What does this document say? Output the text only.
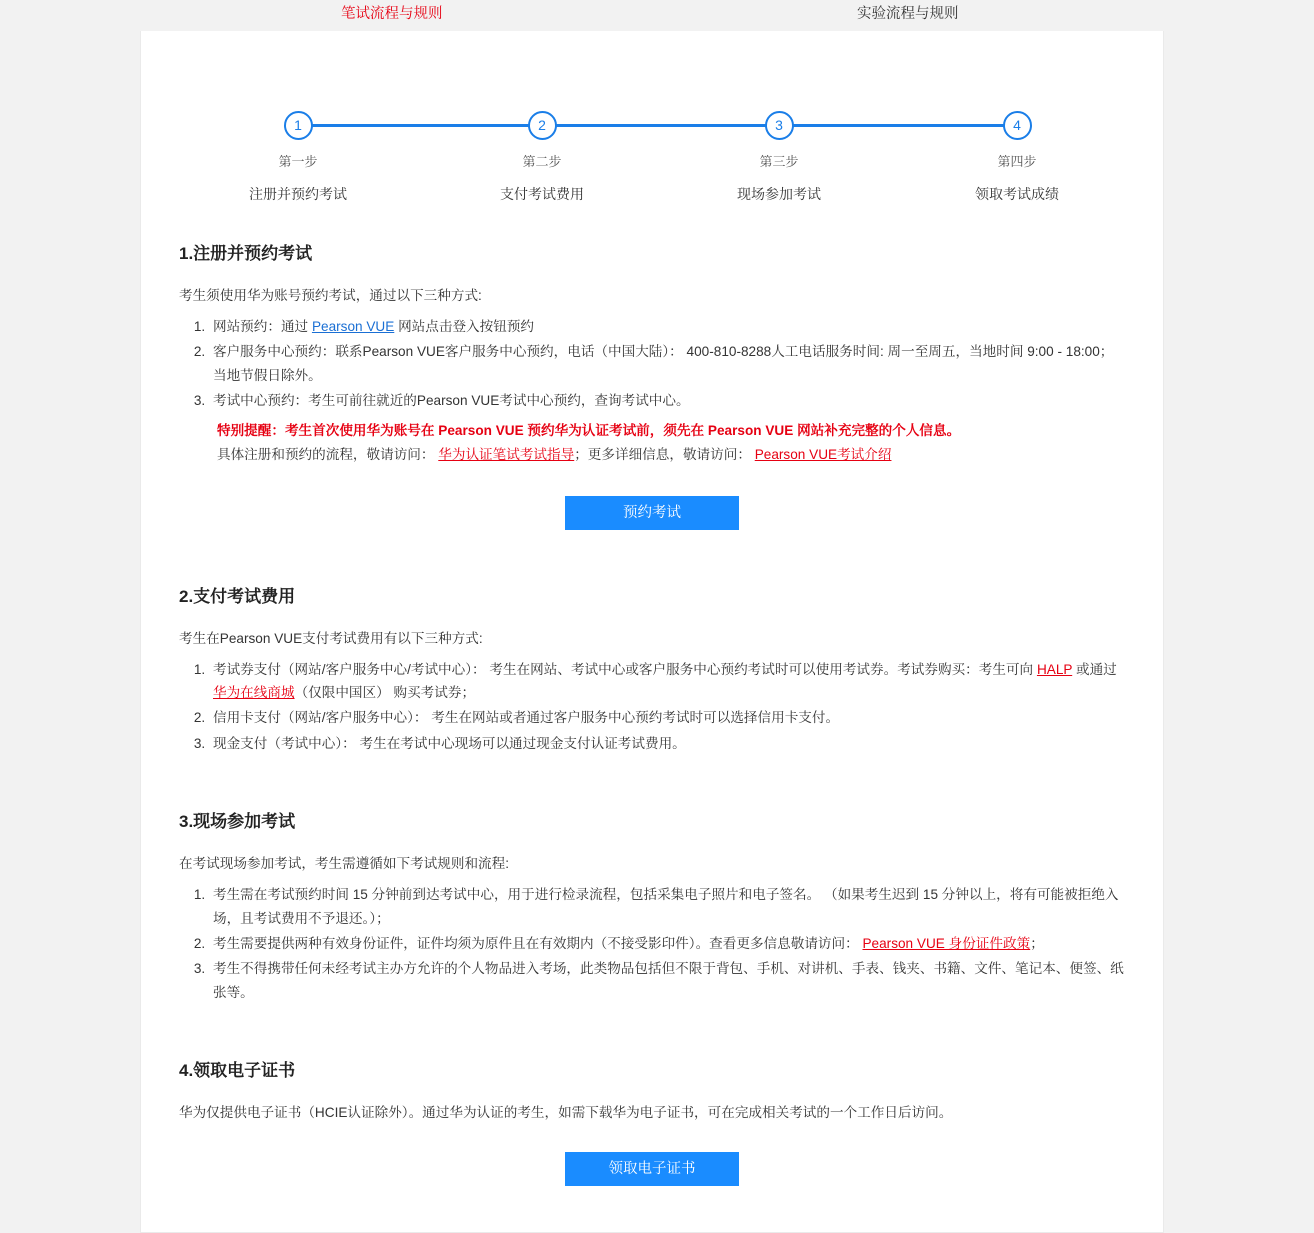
笔试流程与规则	实验流程与规则
1
第一步
注册并预约考试
2
第二步
支付考试费用
3
第三步
现场参加考试
4
第四步
领取考试成绩
1.注册并预约考试

考生须使用华为账号预约考试，通过以下三种方式:

1. 网站预约：通过 Pearson VUE 网站点击登入按钮预约
2. 客户服务中心预约：联系Pearson VUE客户服务中心预约，电话（中国大陆）： 400-810-8288人工电话服务时间: 周一至周五，当地时间 9:00 - 18:00；当地节假日除外。
3. 考试中心预约：考生可前往就近的Pearson VUE考试中心预约，查询考试中心。
特别提醒：考生首次使用华为账号在 Pearson VUE 预约华为认证考试前，须先在 Pearson VUE 网站补充完整的个人信息。
具体注册和预约的流程，敬请访问： 华为认证笔试考试指导；更多详细信息，敬请访问： Pearson VUE考试介绍
预约考试
2.支付考试费用

考生在Pearson VUE支付考试费用有以下三种方式:

1. 考试券支付（网站/客户服务中心/考试中心）： 考生在网站、考试中心或客户服务中心预约考试时可以使用考试券。考试券购买：考生可向 HALP 或通过华为在线商城（仅限中国区） 购买考试券；
2. 信用卡支付（网站/客户服务中心）： 考生在网站或者通过客户服务中心预约考试时可以选择信用卡支付。
3. 现金支付（考试中心）： 考生在考试中心现场可以通过现金支付认证考试费用。
3.现场参加考试

在考试现场参加考试，考生需遵循如下考试规则和流程:

1. 考生需在考试预约时间 15 分钟前到达考试中心，用于进行检录流程，包括采集电子照片和电子签名。 （如果考生迟到 15 分钟以上，将有可能被拒绝入场，且考试费用不予退还。）；
2. 考生需要提供两种有效身份证件，证件均须为原件且在有效期内（不接受影印件）。查看更多信息敬请访问： Pearson VUE 身份证件政策；
3. 考生不得携带任何未经考试主办方允许的个人物品进入考场，此类物品包括但不限于背包、手机、对讲机、手表、钱夹、书籍、文件、笔记本、便签、纸张等。
4.领取电子证书

华为仅提供电子证书（HCIE认证除外）。通过华为认证的考生，如需下载华为电子证书，可在完成相关考试的一个工作日后访问。

领取电子证书
